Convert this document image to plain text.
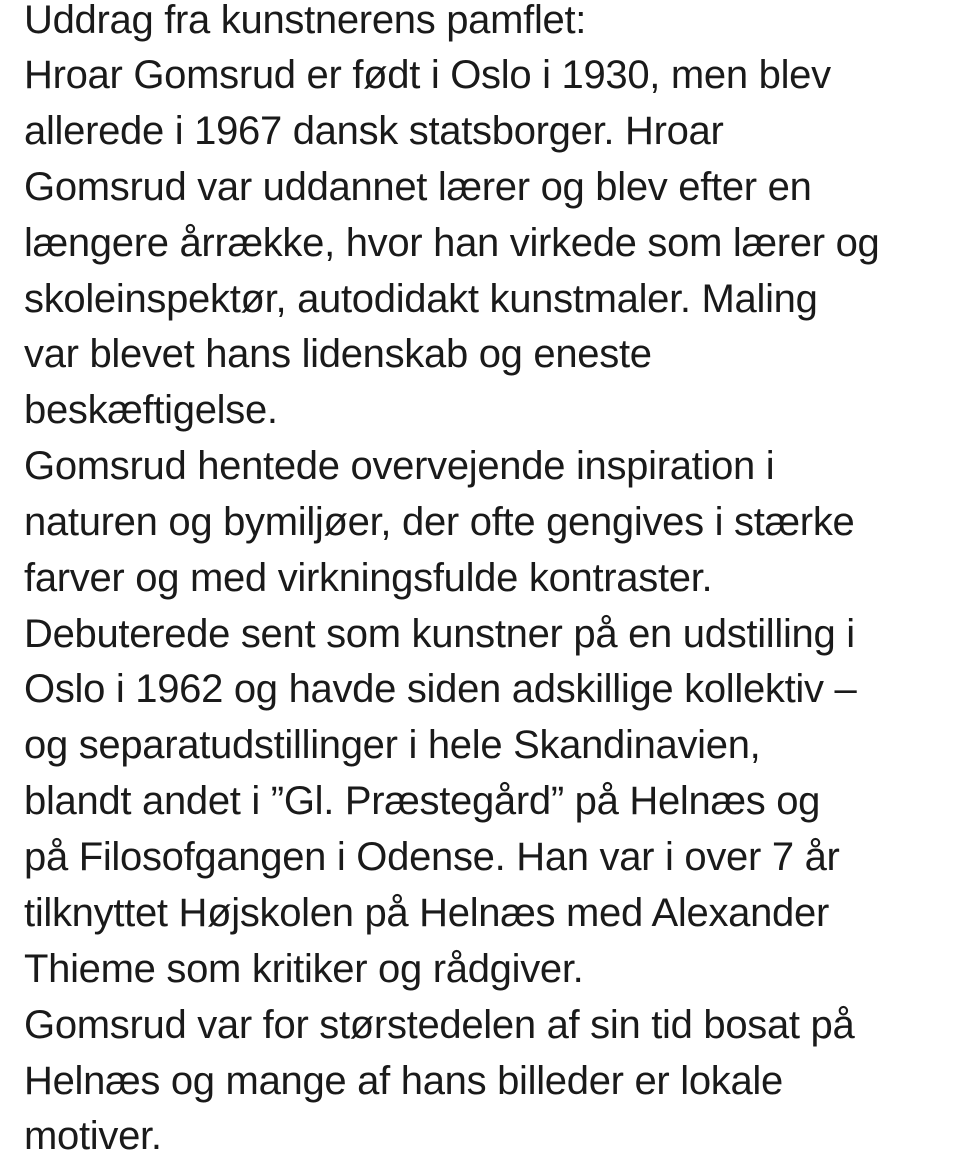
Uddrag fra kunstnerens pamflet:
Hroar Gomsrud er født i Oslo i 1930, men blev
allerede i 1967 dansk statsborger. Hroar
Gomsrud var uddannet lærer og blev efter en
længere årrække, hvor han virkede som lærer og
skoleinspektør, autodidakt kunstmaler. Maling
var blevet hans lidenskab og eneste
beskæftigelse.
Gomsrud hentede overvejende inspiration i
naturen og bymiljøer, der ofte gengives i stærke
farver og med virkningsfulde kontraster.
Debuterede sent som kunstner på en udstilling i
Oslo i 1962 og havde siden adskillige kollektiv –
og separatudstillinger i hele Skandinavien,
blandt andet i ”Gl. Præstegård” på Helnæs og
på Filosofgangen i Odense. Han var i over 7 år
tilknyttet Højskolen på Helnæs med Alexander
Thieme som kritiker og rådgiver.
Gomsrud var for størstedelen af sin tid bosat på
Helnæs og mange af hans billeder er lokale
motiver.
